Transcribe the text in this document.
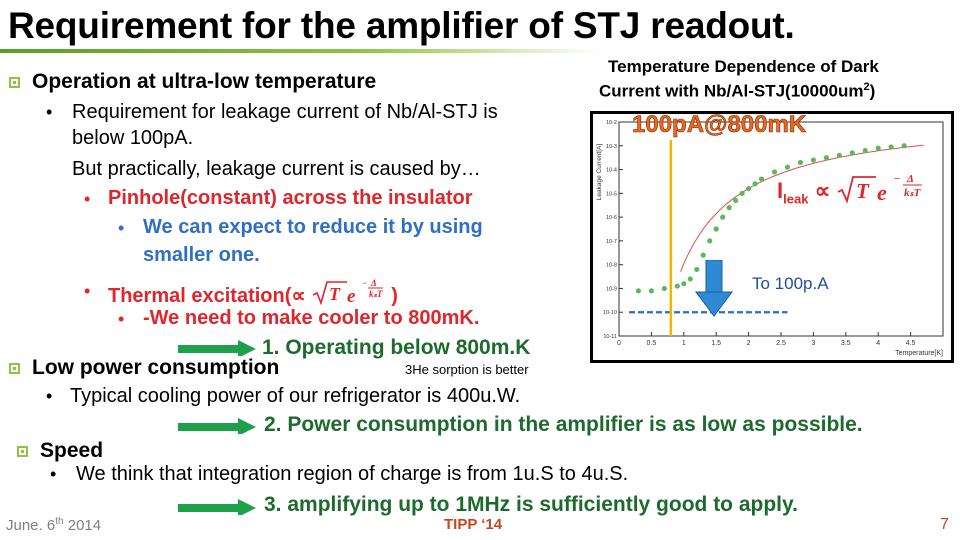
Requirement for the amplifier of STJ readout.
Operation at ultra-low temperature
• Requirement for leakage current of Nb/Al-STJ is
below 100pA.
But practically, leakage current is caused by…
• Pinhole(constant) across the insulator
• We can expect to reduce it by using
smaller one.
• Thermal excitation(∝ T e
− Δ
kₛT )
• -We need to make cooler to 800mK.
1. Operating below 800m.K
3He sorption is better
Low power consumption
• Typical cooling power of our refrigerator is 400u.W.
2. Power consumption in the amplifier is as low as possible.
Speed
• We think that integration region of charge is from 1u.S to 4u.S.
3. amplifying up to 1MHz is sufficiently good to apply.
Temperature Dependence of Dark
Current with $Nb/Al-STJ(10000um^2)$
10-2
10-3
10-4
10-5
10-6
10-7
10-8
10-9
10-10
10-11
0	0.5	1	1.5	2	2.5	3	3.5	4	4.5
Temperature[K]
Leakage Current[A]
100pA@800mK
$I_{leak} \propto T$ e
− Δ
kₛT
To 100p.A
June. 6th 2014	TIPP ‘14	7
